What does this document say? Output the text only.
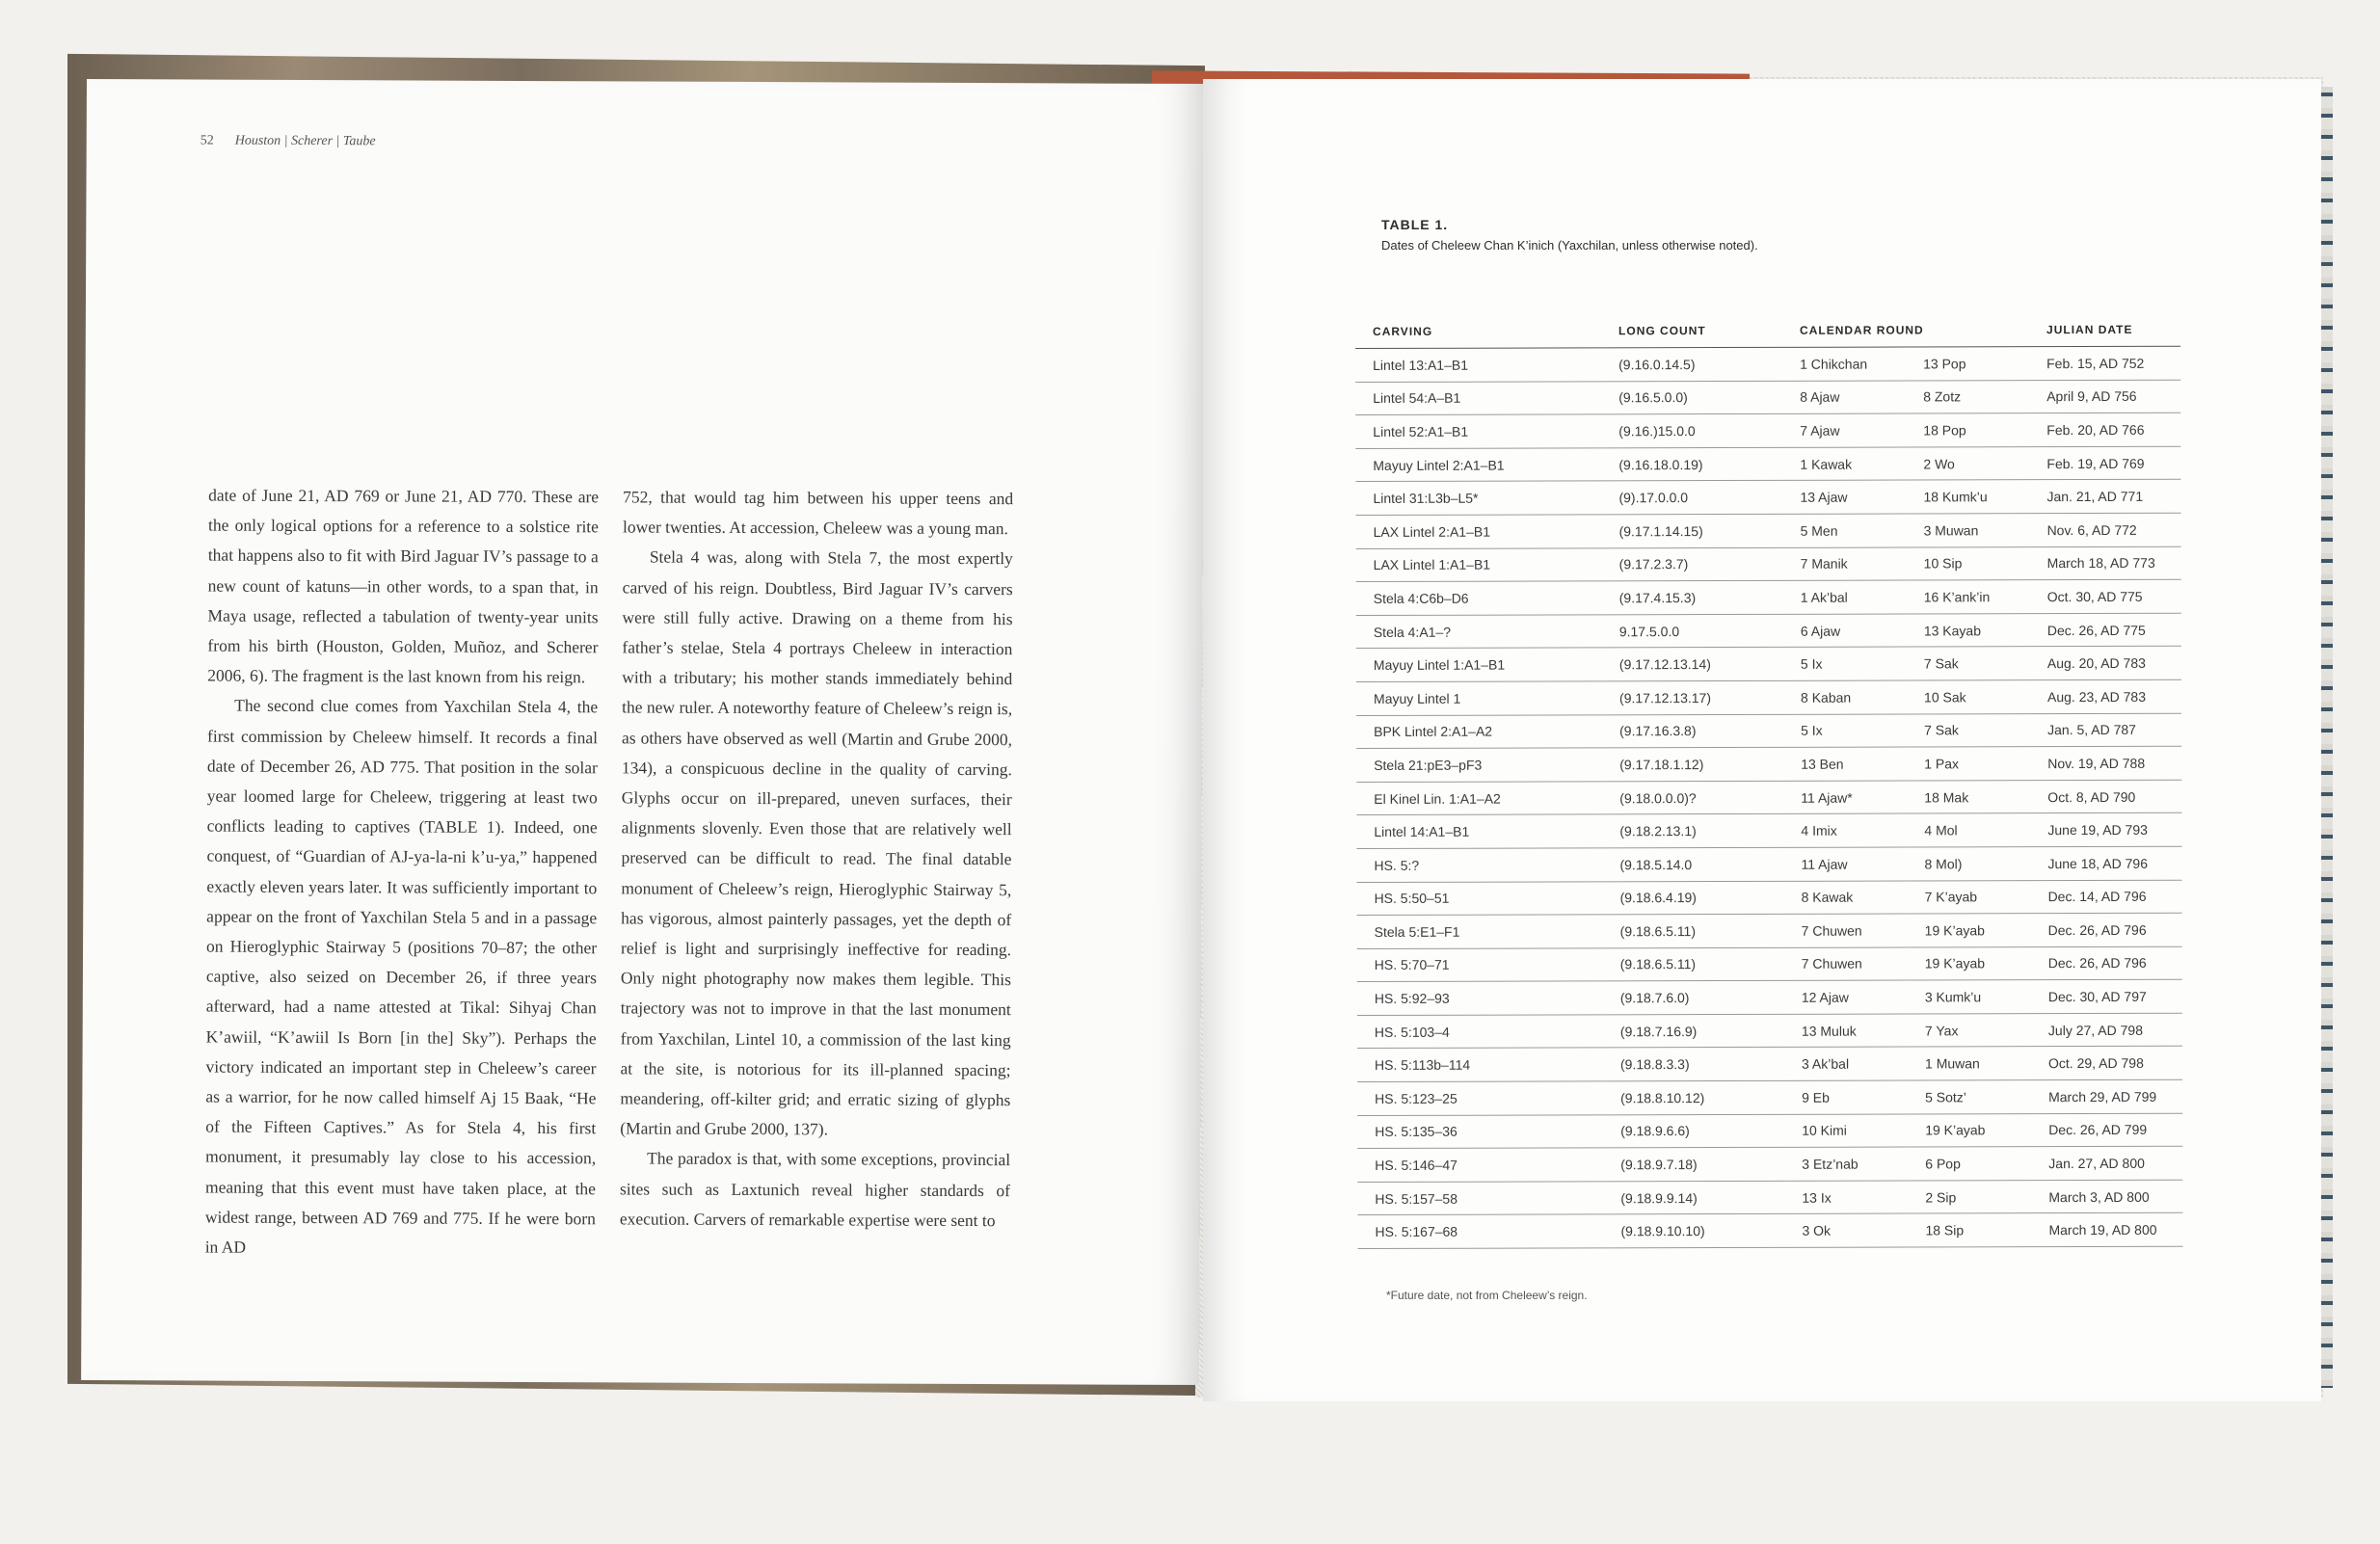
52 Houston | Scherer | Taube

date of June 21, AD 769 or June 21, AD 770. These are the only logical options for a reference to a solstice rite that happens also to fit with Bird Jaguar IV’s passage to a new count of katuns—in other words, to a span that, in Maya usage, reflected a tabulation of twenty-year units from his birth (Houston, Golden, Muñoz, and Scherer 2006, 6). The fragment is the last known from his reign.

The second clue comes from Yaxchilan Stela 4, the first commission by Cheleew himself. It records a final date of December 26, AD 775. That position in the solar year loomed large for Cheleew, triggering at least two conflicts leading to captives (TABLE 1). Indeed, one conquest, of “Guardian of AJ-ya-la-ni k’u-ya,” happened exactly eleven years later. It was sufficiently important to appear on the front of Yaxchilan Stela 5 and in a passage on Hieroglyphic Stairway 5 (positions 70–87; the other captive, also seized on December 26, if three years afterward, had a name attested at Tikal: Sihyaj Chan K’awiil, “K’awiil Is Born [in the] Sky”). Perhaps the victory indicated an important step in Cheleew’s career as a warrior, for he now called himself Aj 15 Baak, “He of the Fifteen Captives.” As for Stela 4, his first monument, it presumably lay close to his accession, meaning that this event must have taken place, at the widest range, between AD 769 and 775. If he were born in AD

752, that would tag him between his upper teens and lower twenties. At accession, Cheleew was a young man.

Stela 4 was, along with Stela 7, the most expertly carved of his reign. Doubtless, Bird Jaguar IV’s carvers were still fully active. Drawing on a theme from his father’s stelae, Stela 4 portrays Cheleew in interaction with a tributary; his mother stands immediately behind the new ruler. A noteworthy feature of Cheleew’s reign is, as others have observed as well (Martin and Grube 2000, 134), a conspicuous decline in the quality of carving. Glyphs occur on ill-prepared, uneven surfaces, their alignments slovenly. Even those that are relatively well preserved can be difficult to read. The final datable monument of Cheleew’s reign, Hieroglyphic Stairway 5, has vigorous, almost painterly passages, yet the depth of relief is light and surprisingly ineffective for reading. Only night photography now makes them legible. This trajectory was not to improve in that the last monument from Yaxchilan, Lintel 10, a commission of the last king at the site, is notorious for its ill-planned spacing; meandering, off-kilter grid; and erratic sizing of glyphs (Martin and Grube 2000, 137).

The paradox is that, with some exceptions, provincial sites such as Laxtunich reveal higher standards of execution. Carvers of remarkable expertise were sent to

TABLE 1.
Dates of Cheleew Chan K’inich (Yaxchilan, unless otherwise noted).
CARVING	LONG COUNT	CALENDAR ROUND		JULIAN DATE
Lintel 13:A1–B1	(9.16.0.14.5)	1 Chikchan	13 Pop	Feb. 15, AD 752
Lintel 54:A–B1	(9.16.5.0.0)	8 Ajaw	8 Zotz	April 9, AD 756
Lintel 52:A1–B1	(9.16.)15.0.0	7 Ajaw	18 Pop	Feb. 20, AD 766
Mayuy Lintel 2:A1–B1	(9.16.18.0.19)	1 Kawak	2 Wo	Feb. 19, AD 769
Lintel 31:L3b–L5*	(9).17.0.0.0	13 Ajaw	18 Kumk’u	Jan. 21, AD 771
LAX Lintel 2:A1–B1	(9.17.1.14.15)	5 Men	3 Muwan	Nov. 6, AD 772
LAX Lintel 1:A1–B1	(9.17.2.3.7)	7 Manik	10 Sip	March 18, AD 773
Stela 4:C6b–D6	(9.17.4.15.3)	1 Ak’bal	16 K’ank’in	Oct. 30, AD 775
Stela 4:A1–?	9.17.5.0.0	6 Ajaw	13 Kayab	Dec. 26, AD 775
Mayuy Lintel 1:A1–B1	(9.17.12.13.14)	5 Ix	7 Sak	Aug. 20, AD 783
Mayuy Lintel 1	(9.17.12.13.17)	8 Kaban	10 Sak	Aug. 23, AD 783
BPK Lintel 2:A1–A2	(9.17.16.3.8)	5 Ix	7 Sak	Jan. 5, AD 787
Stela 21:pE3–pF3	(9.17.18.1.12)	13 Ben	1 Pax	Nov. 19, AD 788
El Kinel Lin. 1:A1–A2	(9.18.0.0.0)?	11 Ajaw*	18 Mak	Oct. 8, AD 790
Lintel 14:A1–B1	(9.18.2.13.1)	4 Imix	4 Mol	June 19, AD 793
HS. 5:?	(9.18.5.14.0	11 Ajaw	8 Mol)	June 18, AD 796
HS. 5:50–51	(9.18.6.4.19)	8 Kawak	7 K’ayab	Dec. 14, AD 796
Stela 5:E1–F1	(9.18.6.5.11)	7 Chuwen	19 K’ayab	Dec. 26, AD 796
HS. 5:70–71	(9.18.6.5.11)	7 Chuwen	19 K’ayab	Dec. 26, AD 796
HS. 5:92–93	(9.18.7.6.0)	12 Ajaw	3 Kumk’u	Dec. 30, AD 797
HS. 5:103–4	(9.18.7.16.9)	13 Muluk	7 Yax	July 27, AD 798
HS. 5:113b–114	(9.18.8.3.3)	3 Ak’bal	1 Muwan	Oct. 29, AD 798
HS. 5:123–25	(9.18.8.10.12)	9 Eb	5 Sotz’	March 29, AD 799
HS. 5:135–36	(9.18.9.6.6)	10 Kimi	19 K’ayab	Dec. 26, AD 799
HS. 5:146–47	(9.18.9.7.18)	3 Etz’nab	6 Pop	Jan. 27, AD 800
HS. 5:157–58	(9.18.9.9.14)	13 Ix	2 Sip	March 3, AD 800
HS. 5:167–68	(9.18.9.10.10)	3 Ok	18 Sip	March 19, AD 800
*Future date, not from Cheleew’s reign.
